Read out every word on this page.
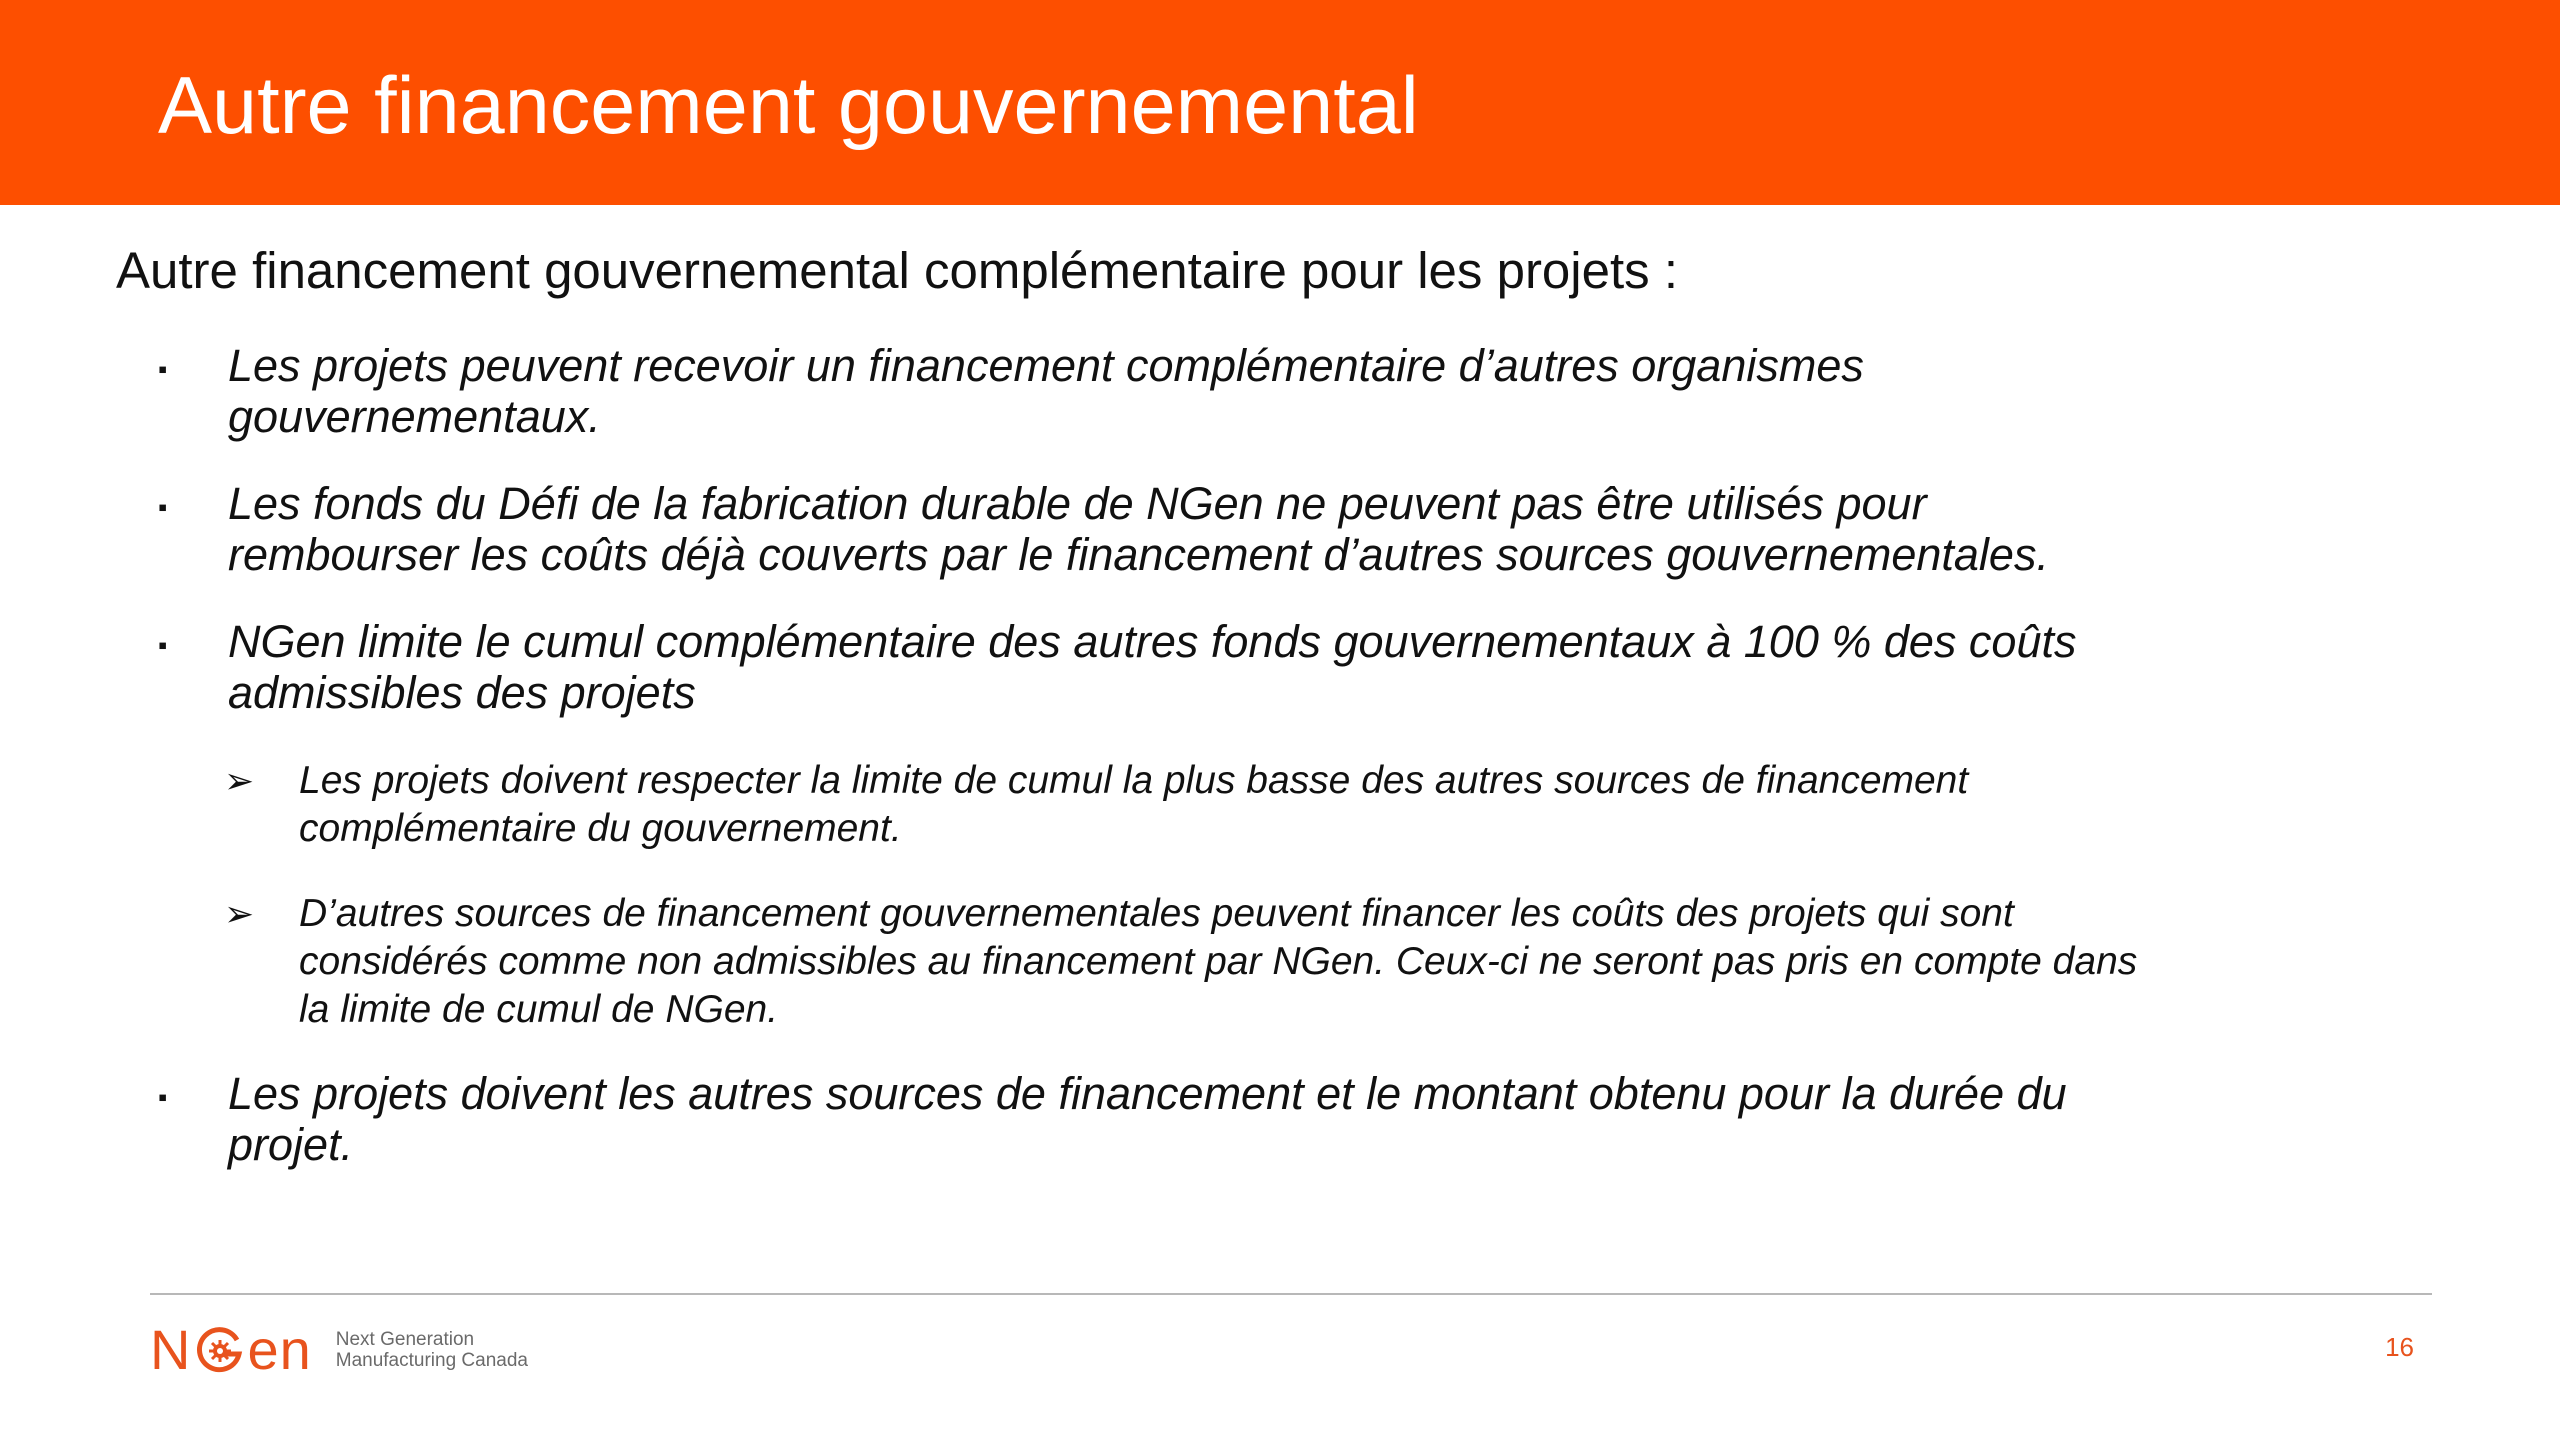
Autre financement gouvernemental

Autre financement gouvernemental complémentaire pour les projets :

▪	Les projets peuvent recevoir un financement complémentaire d’autres organismes
gouvernementaux.
▪	Les fonds du Défi de la fabrication durable de NGen ne peuvent pas être utilisés pour
rembourser les coûts déjà couverts par le financement d’autres sources gouvernementales.
▪	NGen limite le cumul complémentaire des autres fonds gouvernementaux à 100 % des coûts
admissibles des projets
➢	Les projets doivent respecter la limite de cumul la plus basse des autres sources de financement
complémentaire du gouvernement.
➢	D’autres sources de financement gouvernementales peuvent financer les coûts des projets qui sont
considérés comme non admissibles au financement par NGen. Ceux-ci ne seront pas pris en compte dans
la limite de cumul de NGen.
▪	Les projets doivent les autres sources de financement et le montant obtenu pour la durée du
projet.
N en Next Generation
Manufacturing Canada	16
